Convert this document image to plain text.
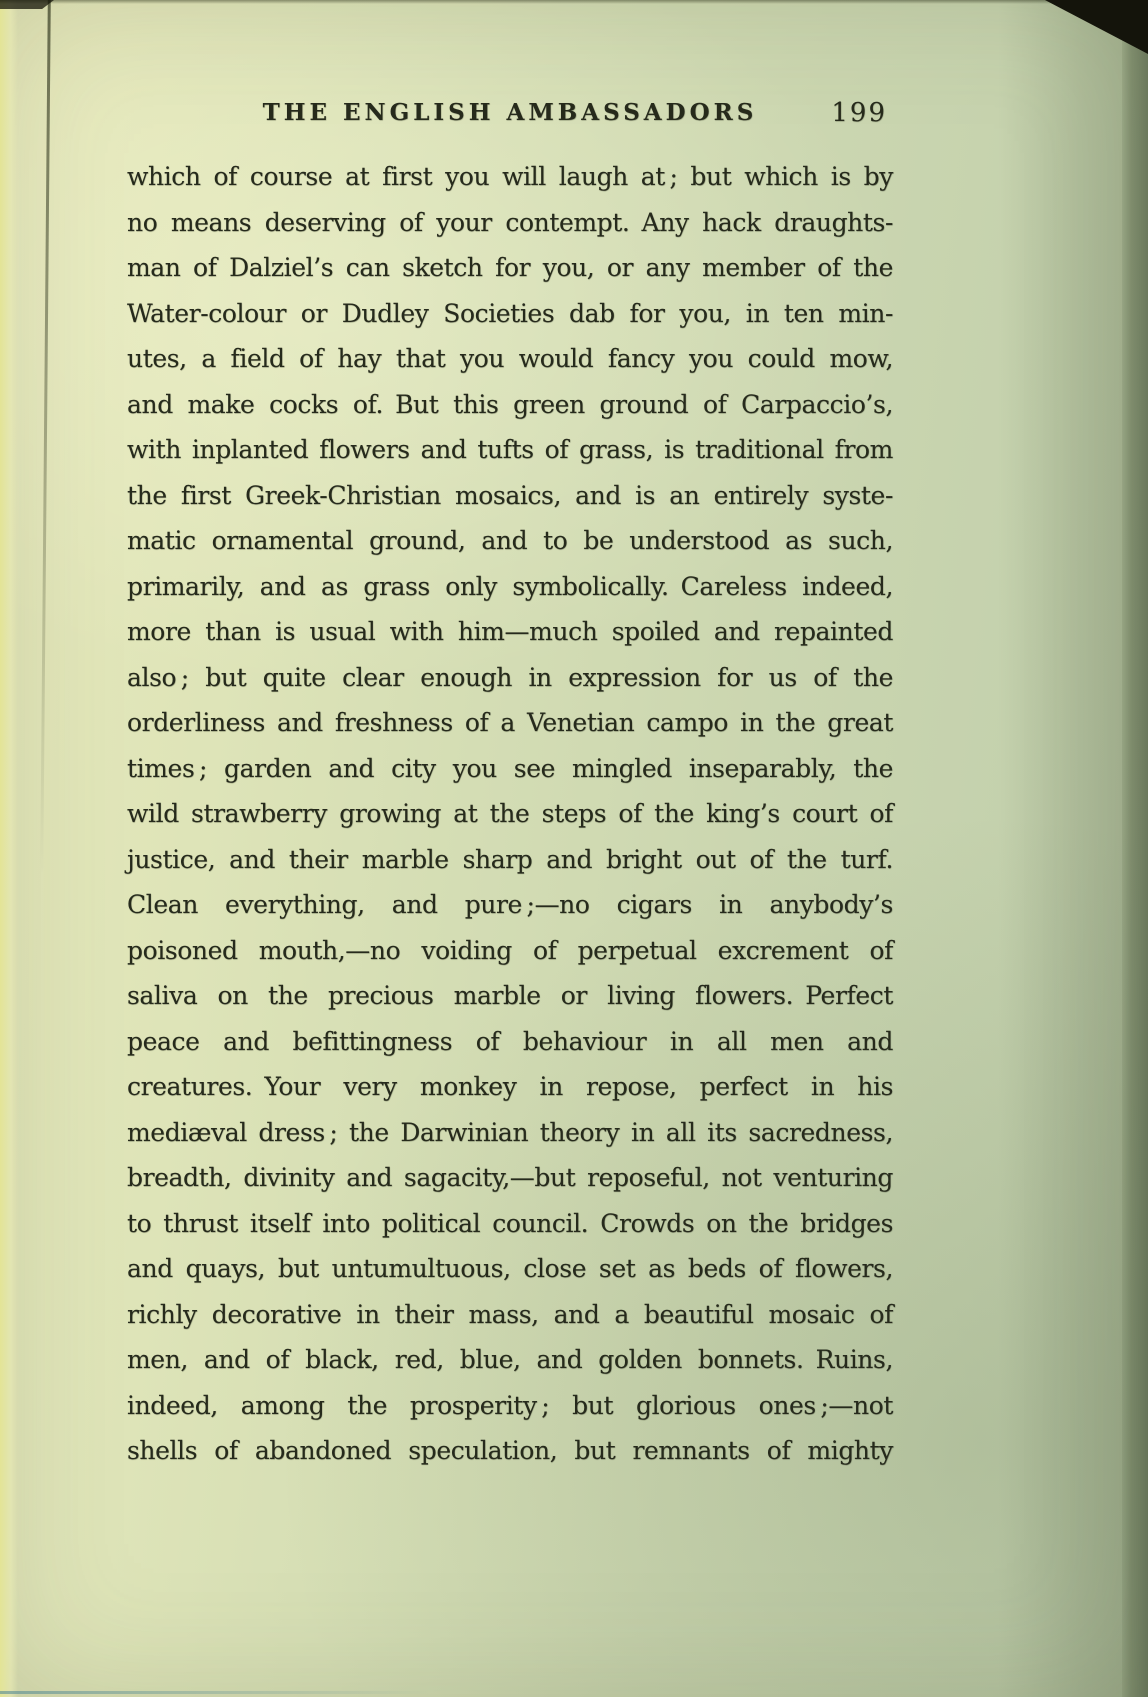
THE ENGLISH AMBASSADORS	199

which of course at first you will laugh at ; but which is by

no means deserving of your contempt. Any hack draughts-

man of Dalziel’s can sketch for you, or any member of the

Water-colour or Dudley Societies dab for you, in ten min-

utes, a field of hay that you would fancy you could mow,

and make cocks of. But this green ground of Carpaccio’s,

with inplanted flowers and tufts of grass, is traditional from

the first Greek-Christian mosaics, and is an entirely syste-

matic ornamental ground, and to be understood as such,

primarily, and as grass only symbolically. Careless indeed,

more than is usual with him—much spoiled and repainted

also ; but quite clear enough in expression for us of the

orderliness and freshness of a Venetian campo in the great

times ; garden and city you see mingled inseparably, the

wild strawberry growing at the steps of the king’s court of

justice, and their marble sharp and bright out of the turf.

Clean everything, and pure ;—no cigars in anybody’s

poisoned mouth,—no voiding of perpetual excrement of

saliva on the precious marble or living flowers. Perfect

peace and befittingness of behaviour in all men and

creatures. Your very monkey in repose, perfect in his

mediæval dress ; the Darwinian theory in all its sacredness,

breadth, divinity and sagacity,—but reposeful, not venturing

to thrust itself into political council. Crowds on the bridges

and quays, but untumultuous, close set as beds of flowers,

richly decorative in their mass, and a beautiful mosaic of

men, and of black, red, blue, and golden bonnets. Ruins,

indeed, among the prosperity ; but glorious ones ;—not

shells of abandoned speculation, but remnants of mighty
